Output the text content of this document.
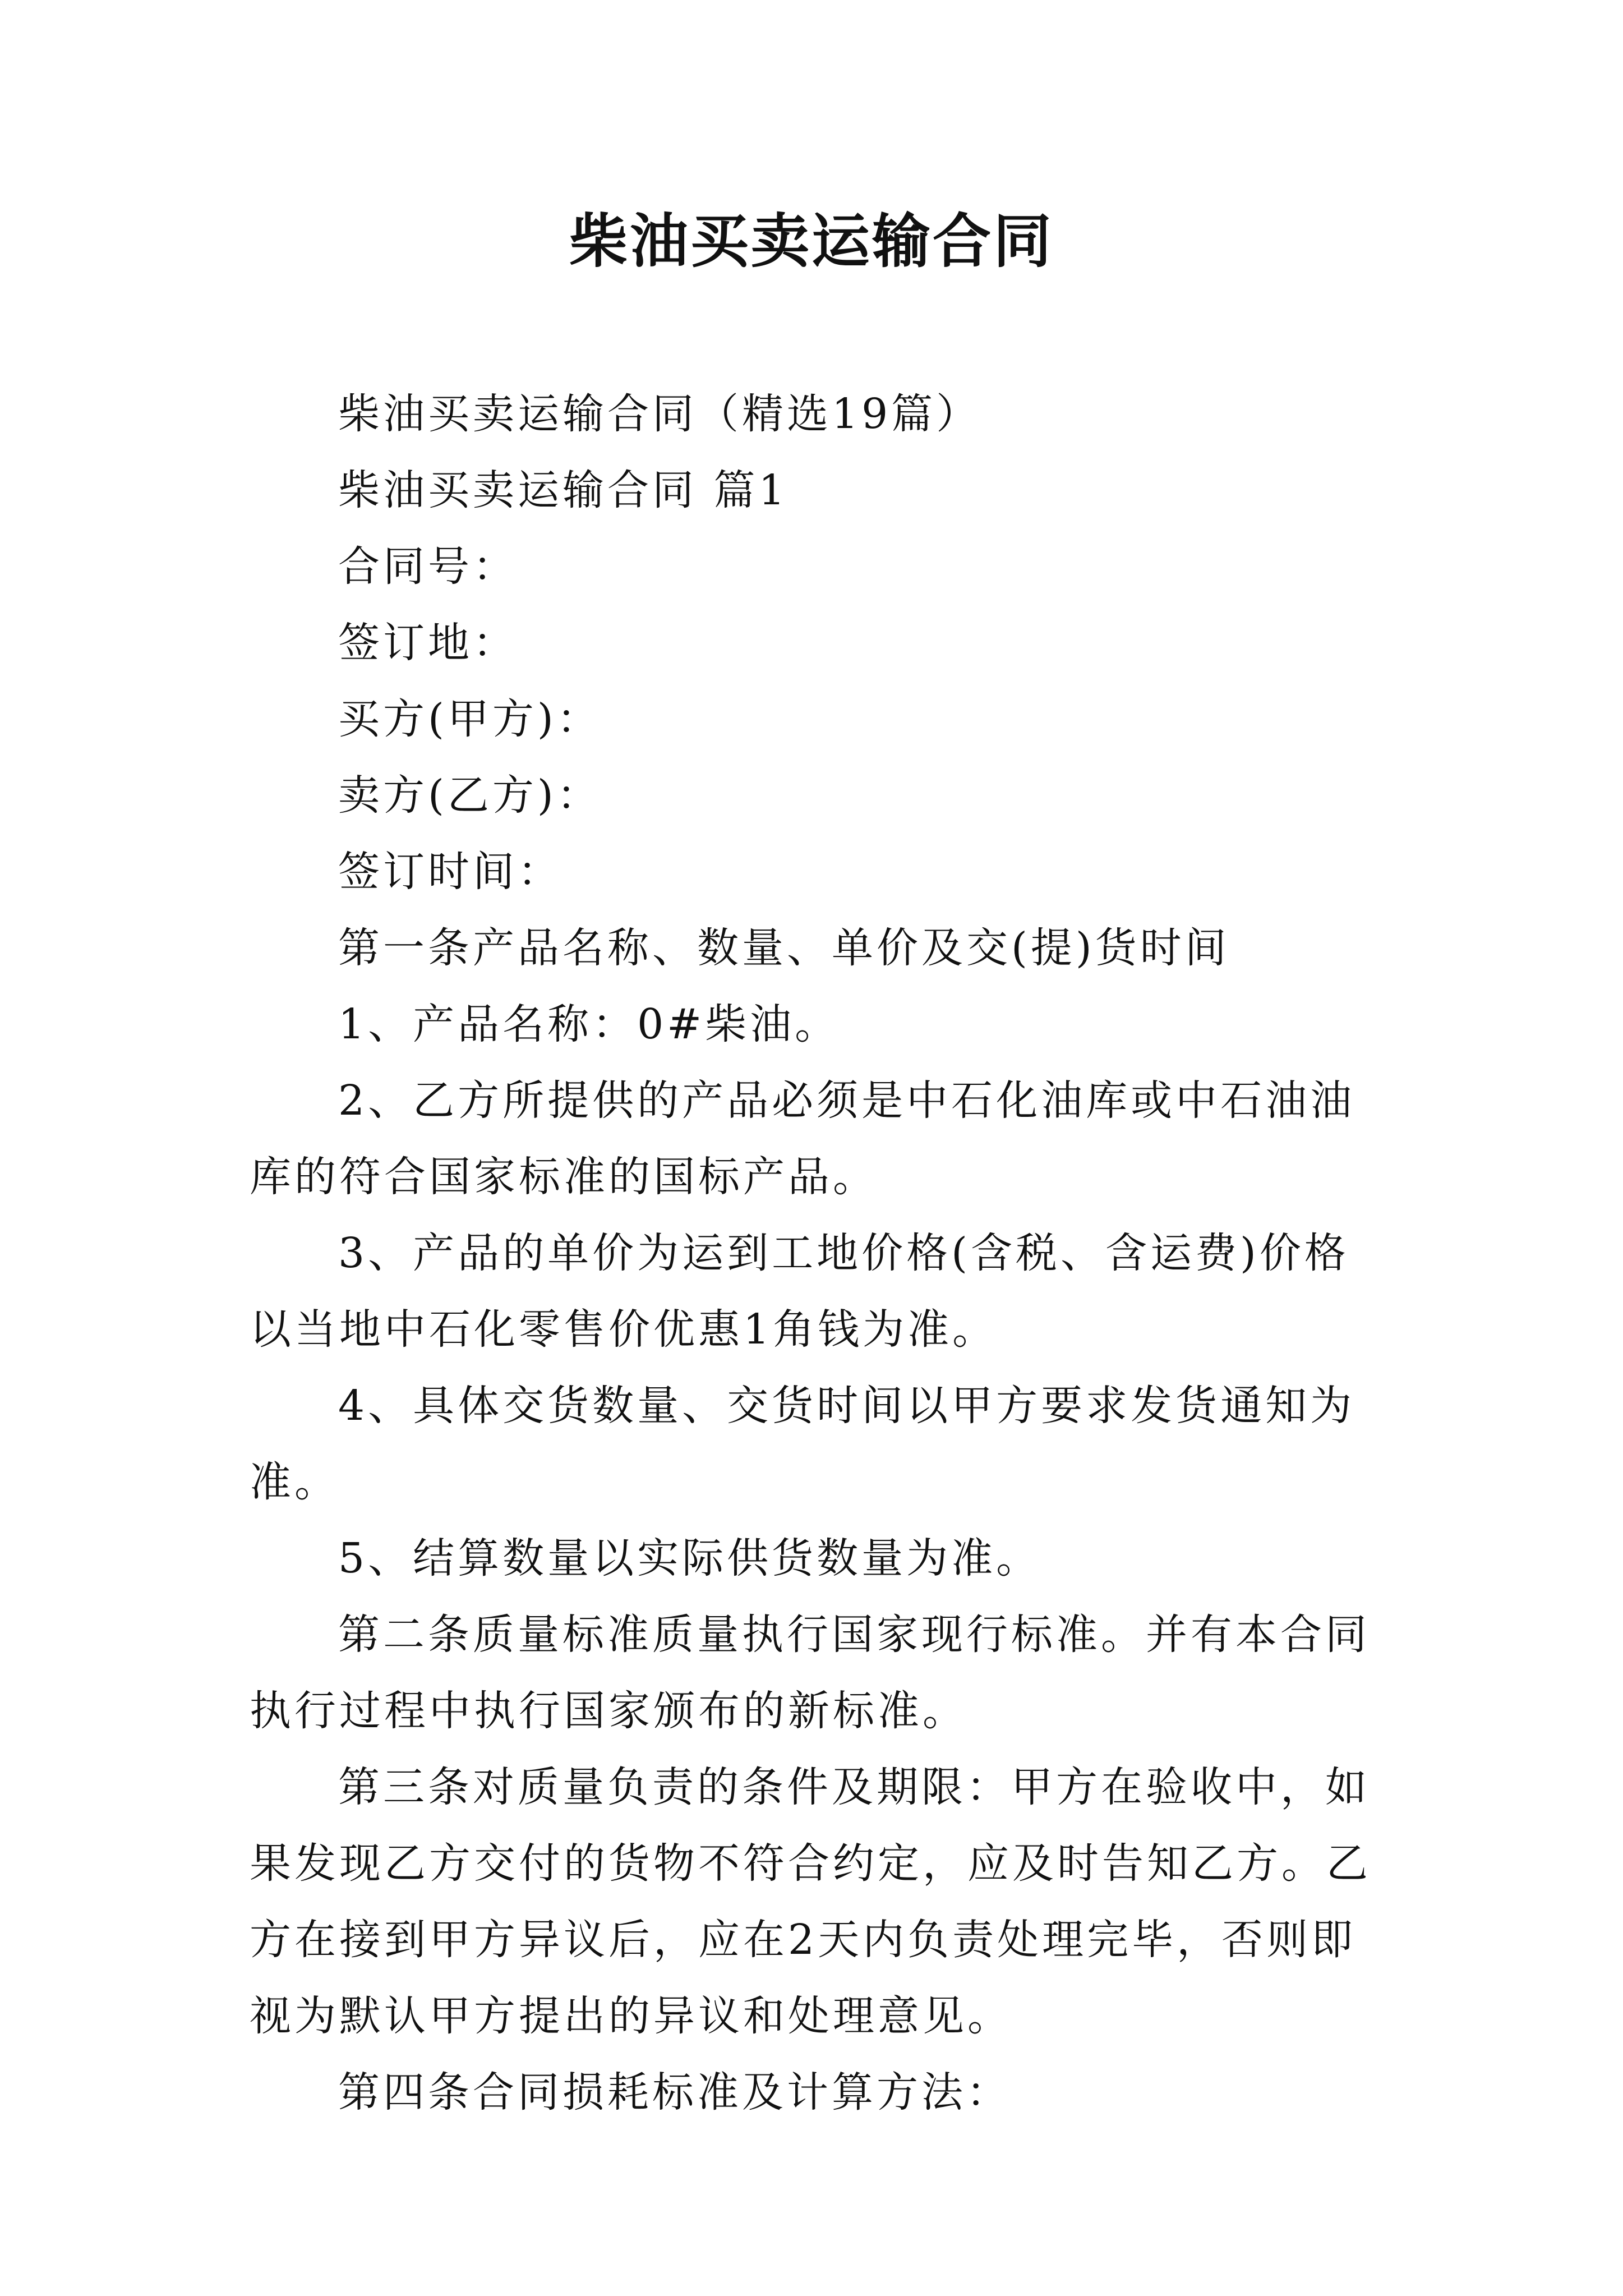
柴油买卖运输合同
柴油买卖运输合同（精选19篇）
柴油买卖运输合同 篇1
合同号：
签订地：
买方(甲方)：
卖方(乙方)：
签订时间：
第一条产品名称、数量、单价及交(提)货时间
1、产品名称：0#柴油。

2、乙方所提供的产品必须是中石化油库或中石油油库的符合国家标准的国标产品。

3、产品的单价为运到工地价格(含税、含运费)价格以当地中石化零售价优惠1角钱为准。

4、具体交货数量、交货时间以甲方要求发货通知为准。

5、结算数量以实际供货数量为准。

第二条质量标准质量执行国家现行标准。并有本合同执行过程中执行国家颁布的新标准。

第三条对质量负责的条件及期限：甲方在验收中，如果发现乙方交付的货物不符合约定，应及时告知乙方。乙方在接到甲方异议后，应在2天内负责处理完毕，否则即视为默认甲方提出的异议和处理意见。

第四条合同损耗标准及计算方法：
